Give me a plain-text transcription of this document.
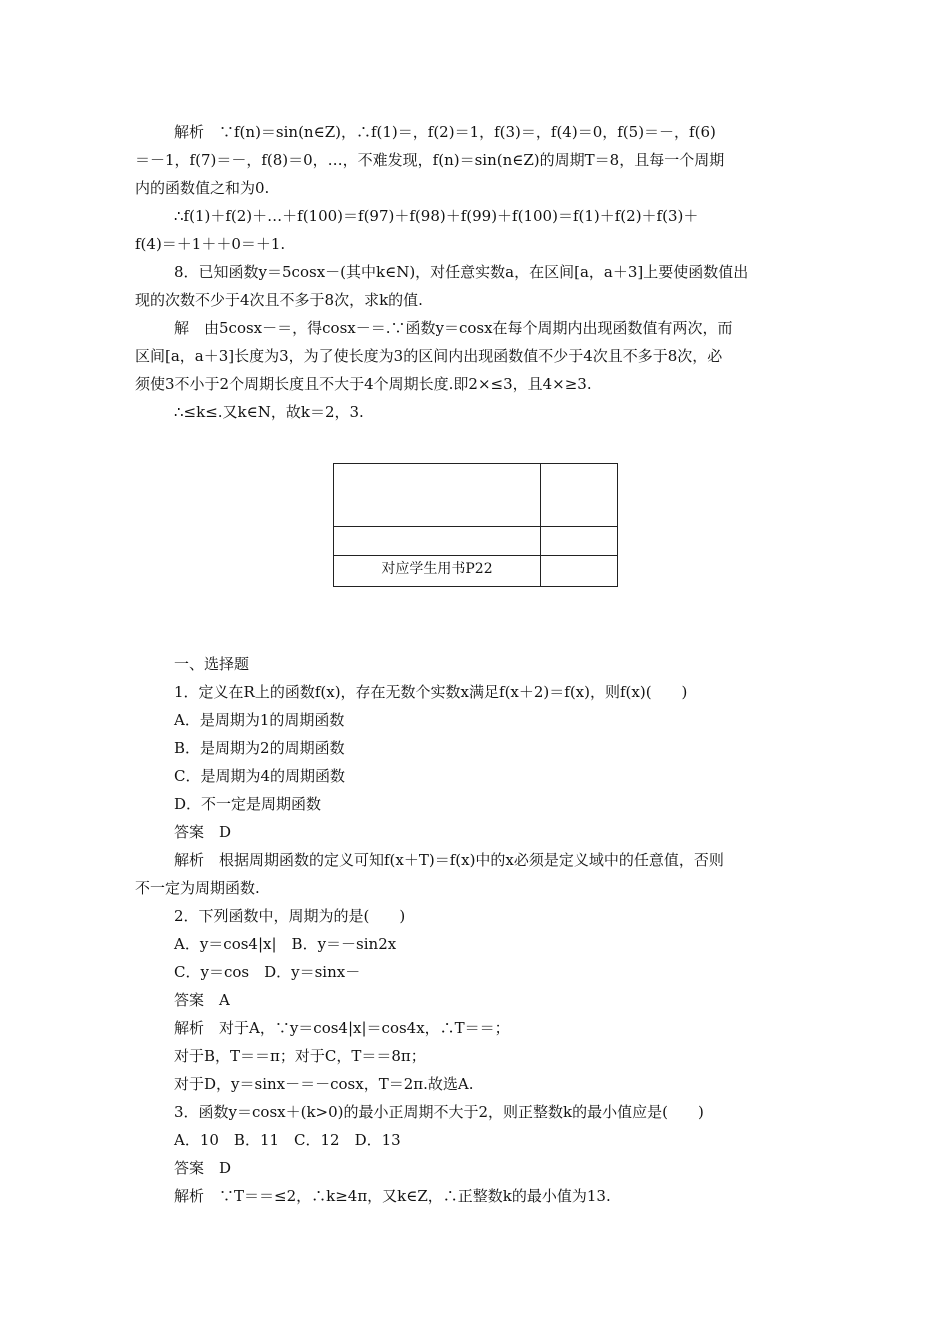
解析　∵f(n)＝sin(n∈Z)，∴f(1)＝，f(2)＝1，f(3)＝，f(4)＝0，f(5)＝－，f(6)
＝－1，f(7)＝－，f(8)＝0，…，不难发现，f(n)＝sin(n∈Z)的周期T＝8，且每一个周期
内的函数值之和为0.
∴f(1)＋f(2)＋…＋f(100)＝f(97)＋f(98)＋f(99)＋f(100)＝f(1)＋f(2)＋f(3)＋
f(4)＝＋1＋＋0＝＋1.
8．已知函数y＝5cosx－(其中k∈N)，对任意实数a，在区间[a，a＋3]上要使函数值出
现的次数不少于4次且不多于8次，求k的值.
解　由5cosx－＝，得cosx－＝.∵函数y＝cosx在每个周期内出现函数值有两次，而
区间[a，a＋3]长度为3，为了使长度为3的区间内出现函数值不少于4次且不多于8次，必
须使3不小于2个周期长度且不大于4个周期长度.即2×≤3，且4×≥3.
∴≤k≤.又k∈N，故k＝2，3.
对应学生用书P22
一、选择题
1．定义在R上的函数f(x)，存在无数个实数x满足f(x＋2)＝f(x)，则f(x)(　　)
A．是周期为1的周期函数
B．是周期为2的周期函数
C．是周期为4的周期函数
D．不一定是周期函数
答案　D
解析　根据周期函数的定义可知f(x＋T)＝f(x)中的x必须是定义域中的任意值，否则
不一定为周期函数.
2．下列函数中，周期为的是(　　)
A．y＝cos4|x|　B．y＝－sin2x
C．y＝cos　D．y＝sinx－
答案　A
解析　对于A，∵y＝cos4|x|＝cos4x，∴T＝＝；
对于B，T＝＝π；对于C，T＝＝8π；
对于D，y＝sinx－＝－cosx，T＝2π.故选A.
3．函数y＝cosx＋(k>0)的最小正周期不大于2，则正整数k的最小值应是(　　)
A．10　B．11　C．12　D．13
答案　D
解析　∵T＝＝≤2，∴k≥4π，又k∈Z，∴正整数k的最小值为13.
